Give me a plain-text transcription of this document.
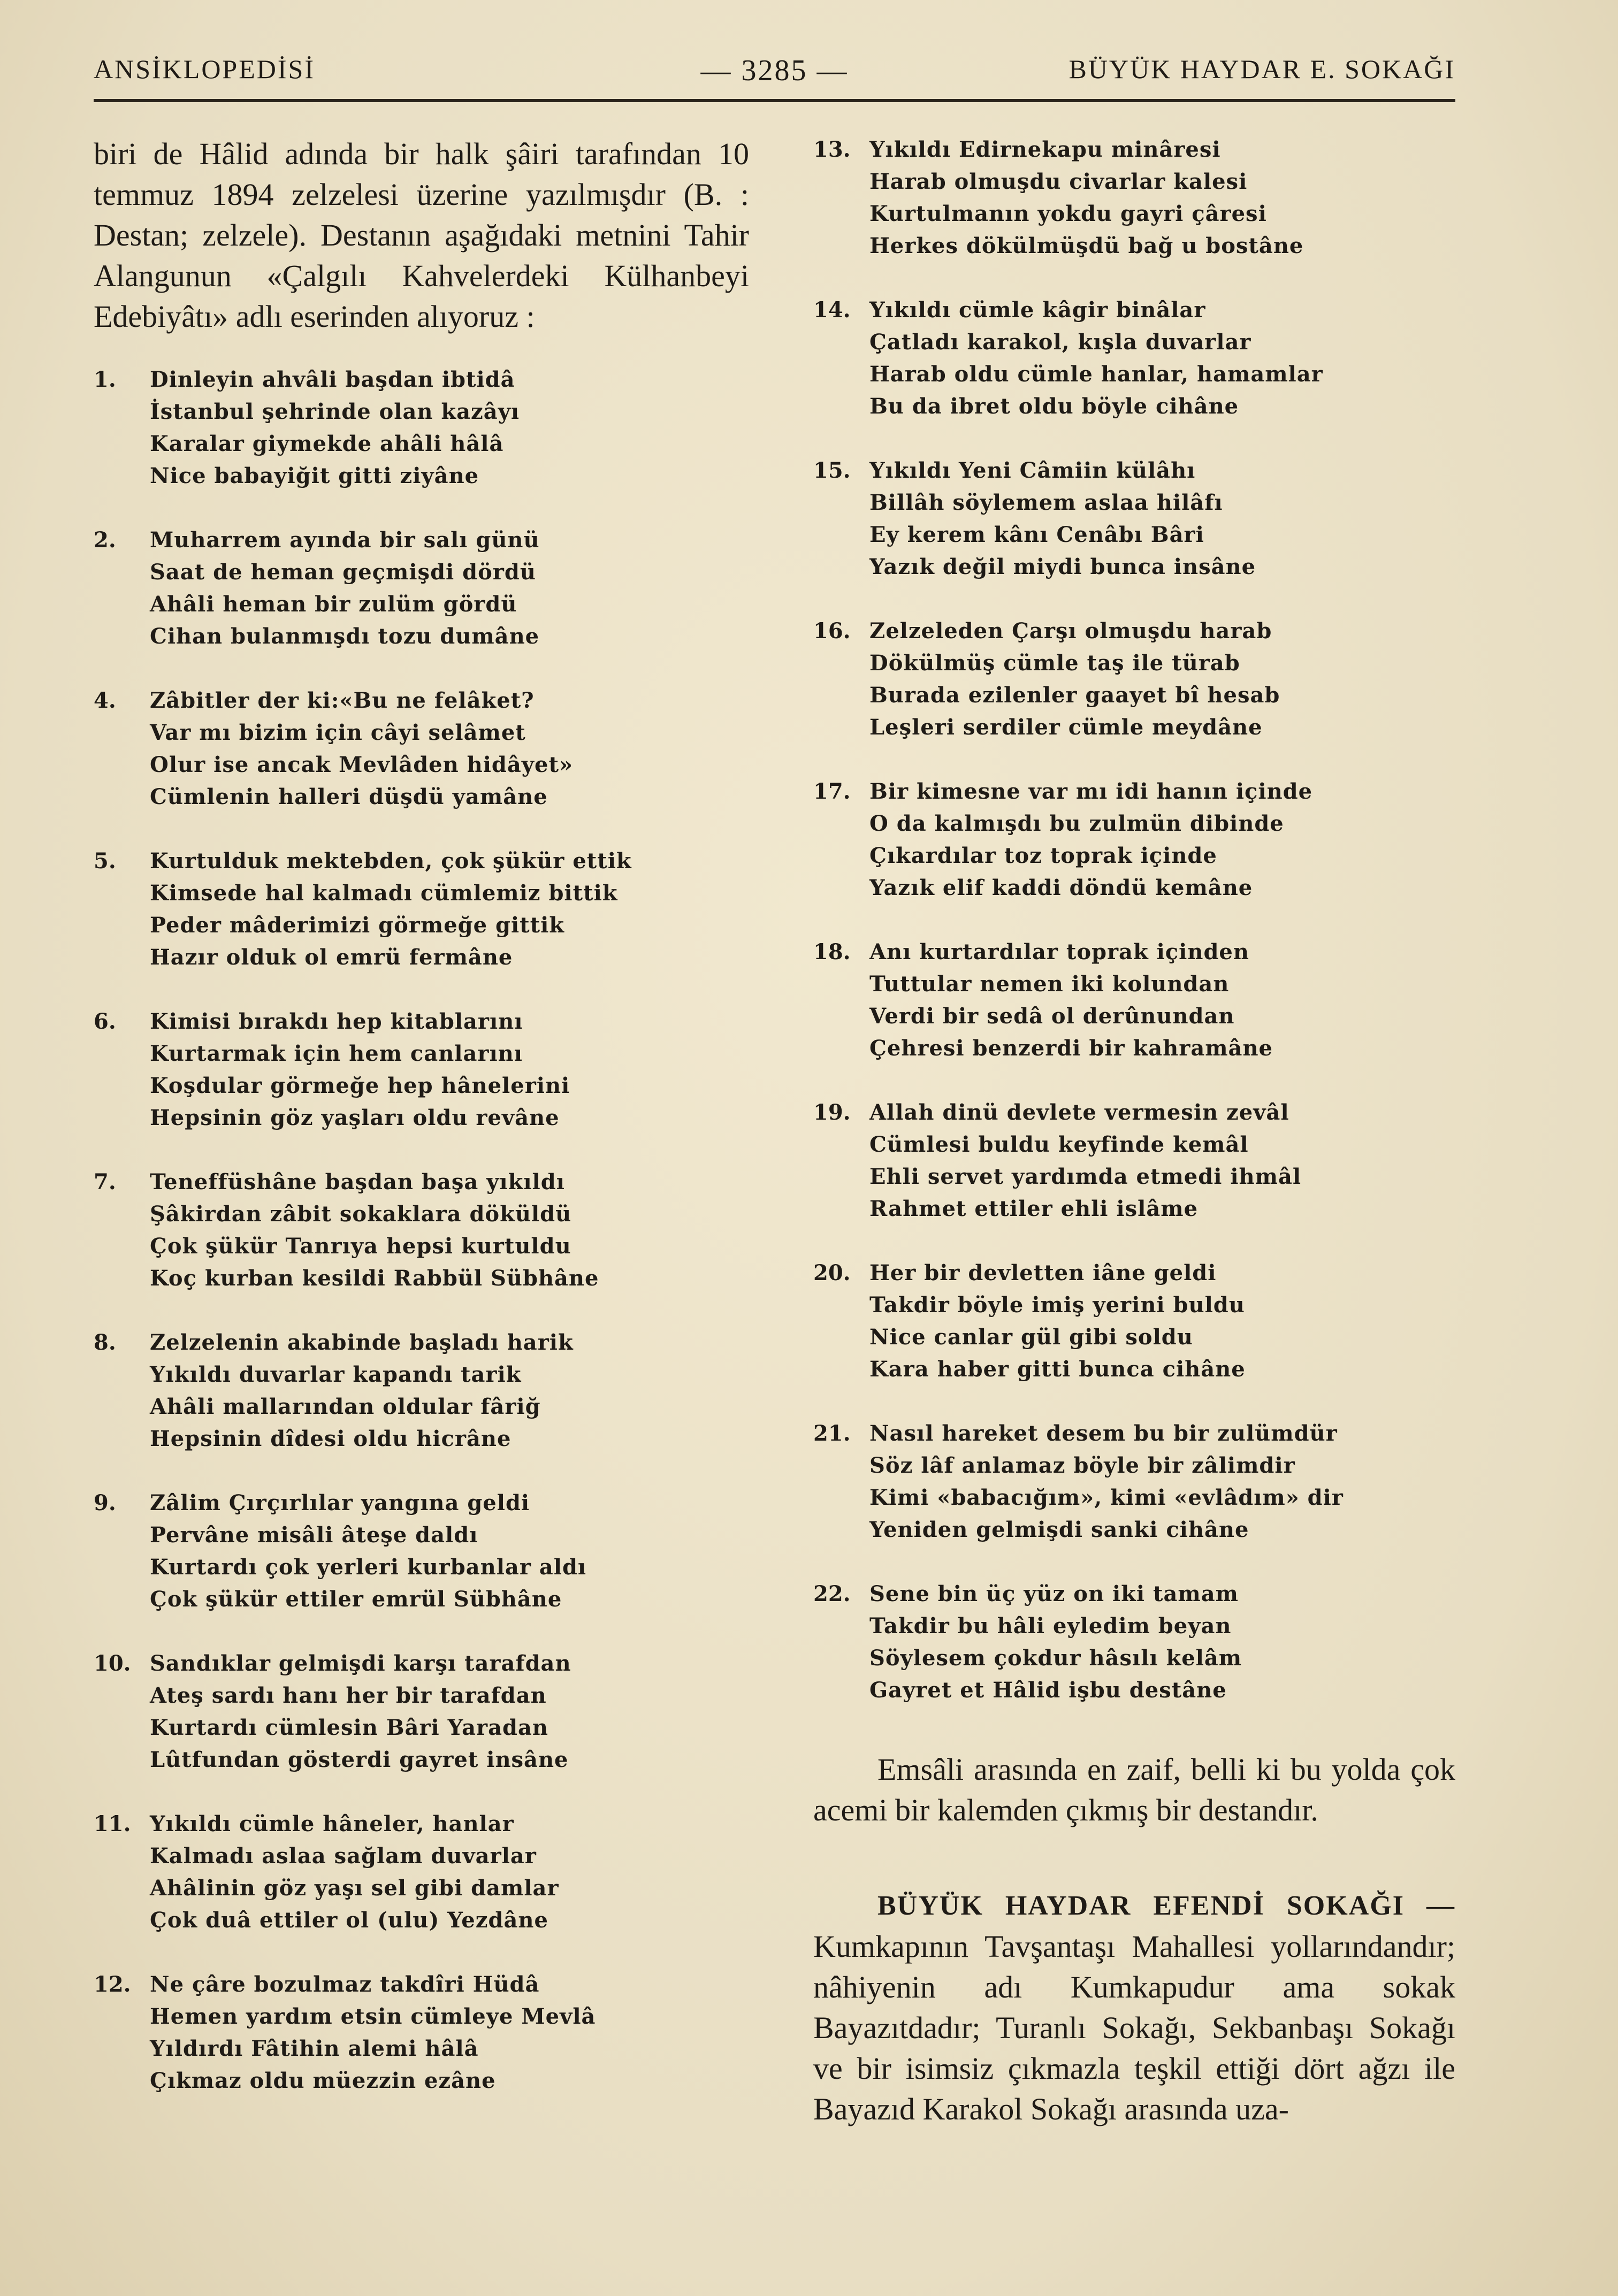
ANSİKLOPEDİSİ	— 3285 —	BÜYÜK HAYDAR E. SOKAĞI

biri de Hâlid adında bir halk şâiri tarafından 10 temmuz 1894 zelzelesi üzerine yazılmışdır (B. : Destan; zelzele). Destanın aşağıdaki metnini Tahir Alangunun «Çalgılı Kahvelerdeki Külhanbeyi Edebiyâtı» adlı eserinden alıyoruz :

1.	Dinleyin ahvâli başdan ibtidâ
İstanbul şehrinde olan kazâyı
Karalar giymekde ahâli hâlâ
Nice babayiğit gitti ziyâne
2.	Muharrem ayında bir salı günü
Saat de heman geçmişdi dördü
Ahâli heman bir zulüm gördü
Cihan bulanmışdı tozu dumâne
4.	Zâbitler der ki:«Bu ne felâket?
Var mı bizim için câyi selâmet
Olur ise ancak Mevlâden hidâyet»
Cümlenin halleri düşdü yamâne
5.	Kurtulduk mektebden, çok şükür ettik
Kimsede hal kalmadı cümlemiz bittik
Peder mâderimizi görmeğe gittik
Hazır olduk ol emrü fermâne
6.	Kimisi bırakdı hep kitablarını
Kurtarmak için hem canlarını
Koşdular görmeğe hep hânelerini
Hepsinin göz yaşları oldu revâne
7.	Teneffüshâne başdan başa yıkıldı
Şâkirdan zâbit sokaklara döküldü
Çok şükür Tanrıya hepsi kurtuldu
Koç kurban kesildi Rabbül Sübhâne
8.	Zelzelenin akabinde başladı harik
Yıkıldı duvarlar kapandı tarik
Ahâli mallarından oldular fâriğ
Hepsinin dîdesi oldu hicrâne
9.	Zâlim Çırçırlılar yangına geldi
Pervâne misâli âteşe daldı
Kurtardı çok yerleri kurbanlar aldı
Çok şükür ettiler emrül Sübhâne
10. Sandıklar gelmişdi karşı tarafdan
Ateş sardı hanı her bir tarafdan
Kurtardı cümlesin Bâri Yaradan
Lûtfundan gösterdi gayret insâne
11. Yıkıldı cümle hâneler, hanlar
Kalmadı aslaa sağlam duvarlar
Ahâlinin göz yaşı sel gibi damlar
Çok duâ ettiler ol (ulu) Yezdâne
12. Ne çâre bozulmaz takdîri Hüdâ
Hemen yardım etsin cümleye Mevlâ
Yıldırdı Fâtihin alemi hâlâ
Çıkmaz oldu müezzin ezâne
13. Yıkıldı Edirnekapu minâresi
Harab olmuşdu civarlar kalesi
Kurtulmanın yokdu gayri çâresi
Herkes dökülmüşdü bağ u bostâne
14. Yıkıldı cümle kâgir binâlar
Çatladı karakol, kışla duvarlar
Harab oldu cümle hanlar, hamamlar
Bu da ibret oldu böyle cihâne
15. Yıkıldı Yeni Câmiin külâhı
Billâh söylemem aslaa hilâfı
Ey kerem kânı Cenâbı Bâri
Yazık değil miydi bunca insâne
16. Zelzeleden Çarşı olmuşdu harab
Dökülmüş cümle taş ile türab
Burada ezilenler gaayet bî hesab
Leşleri serdiler cümle meydâne
17. Bir kimesne var mı idi hanın içinde
O da kalmışdı bu zulmün dibinde
Çıkardılar toz toprak içinde
Yazık elif kaddi döndü kemâne
18. Anı kurtardılar toprak içinden
Tuttular nemen iki kolundan
Verdi bir sedâ ol derûnundan
Çehresi benzerdi bir kahramâne
19. Allah dinü devlete vermesin zevâl
Cümlesi buldu keyfinde kemâl
Ehli servet yardımda etmedi ihmâl
Rahmet ettiler ehli islâme
20. Her bir devletten iâne geldi
Takdir böyle imiş yerini buldu
Nice canlar gül gibi soldu
Kara haber gitti bunca cihâne
21. Nasıl hareket desem bu bir zulümdür
Söz lâf anlamaz böyle bir zâlimdir
Kimi «babacığım», kimi «evlâdım» dir
Yeniden gelmişdi sanki cihâne
22. Sene bin üç yüz on iki tamam
Takdir bu hâli eyledim beyan
Söylesem çokdur hâsılı kelâm
Gayret et Hâlid işbu destâne

Emsâli arasında en zaif, belli ki bu yolda çok acemi bir kalemden çıkmış bir destandır.

BÜYÜK HAYDAR EFENDİ SOKAĞI — Kumkapının Tavşantaşı Mahallesi yollarındandır; nâhiyenin adı Kumkapudur ama sokak Bayazıtdadır; Turanlı Sokağı, Sekbanbaşı Sokağı ve bir isimsiz çıkmazla teşkil ettiği dört ağzı ile Bayazıd Karakol Sokağı arasında uza-
